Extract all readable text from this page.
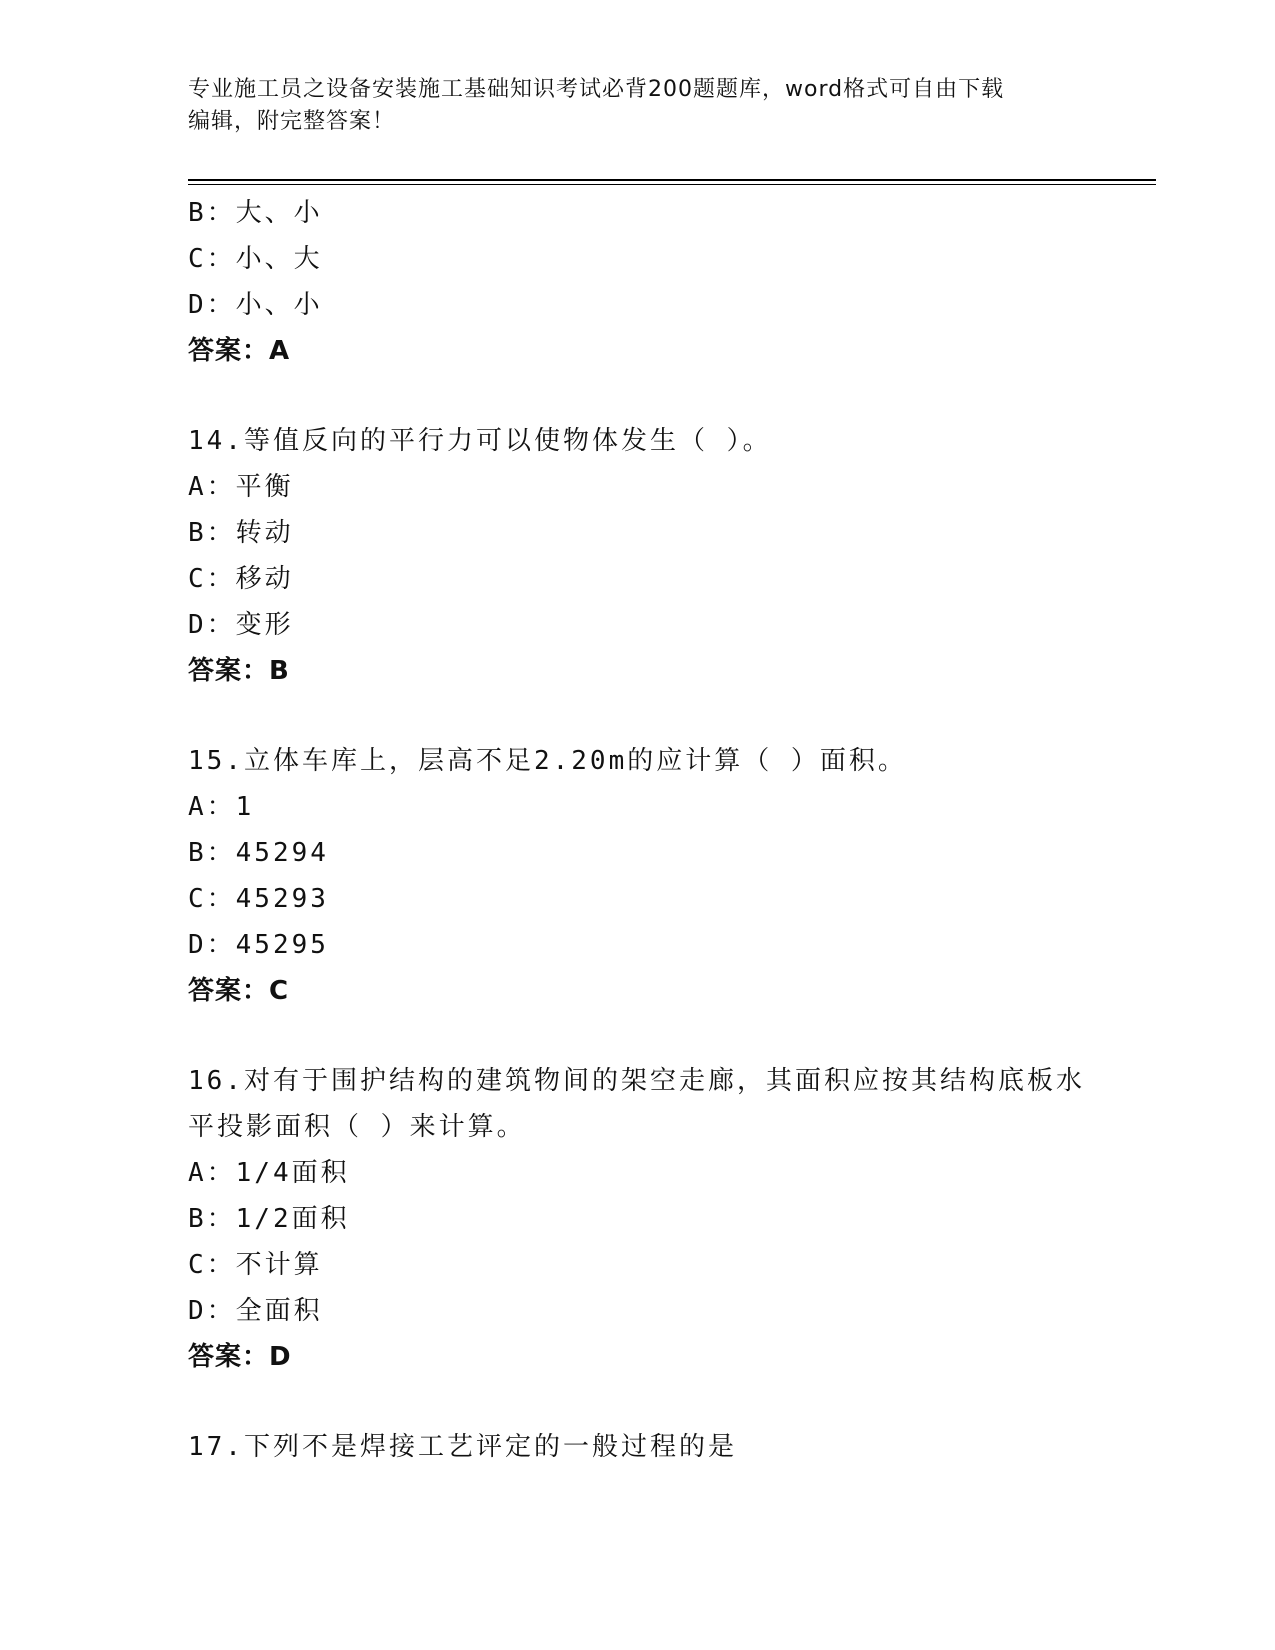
专业施工员之设备安装施工基础知识考试必背200题题库，word格式可自由下载
编辑，附完整答案！
B：大、小
C：小、大
D：小、小
答案：A
14.等值反向的平行力可以使物体发生（ ）。
A：平衡
B：转动
C：移动
D：变形
答案：B
15.立体车库上，层高不足2.20m的应计算（ ）面积。
A：1
B：45294
C：45293
D：45295
答案：C
16.对有于围护结构的建筑物间的架空走廊，其面积应按其结构底板水
平投影面积（ ）来计算。
A：1/4面积
B：1/2面积
C：不计算
D：全面积
答案：D
17.下列不是焊接工艺评定的一般过程的是
